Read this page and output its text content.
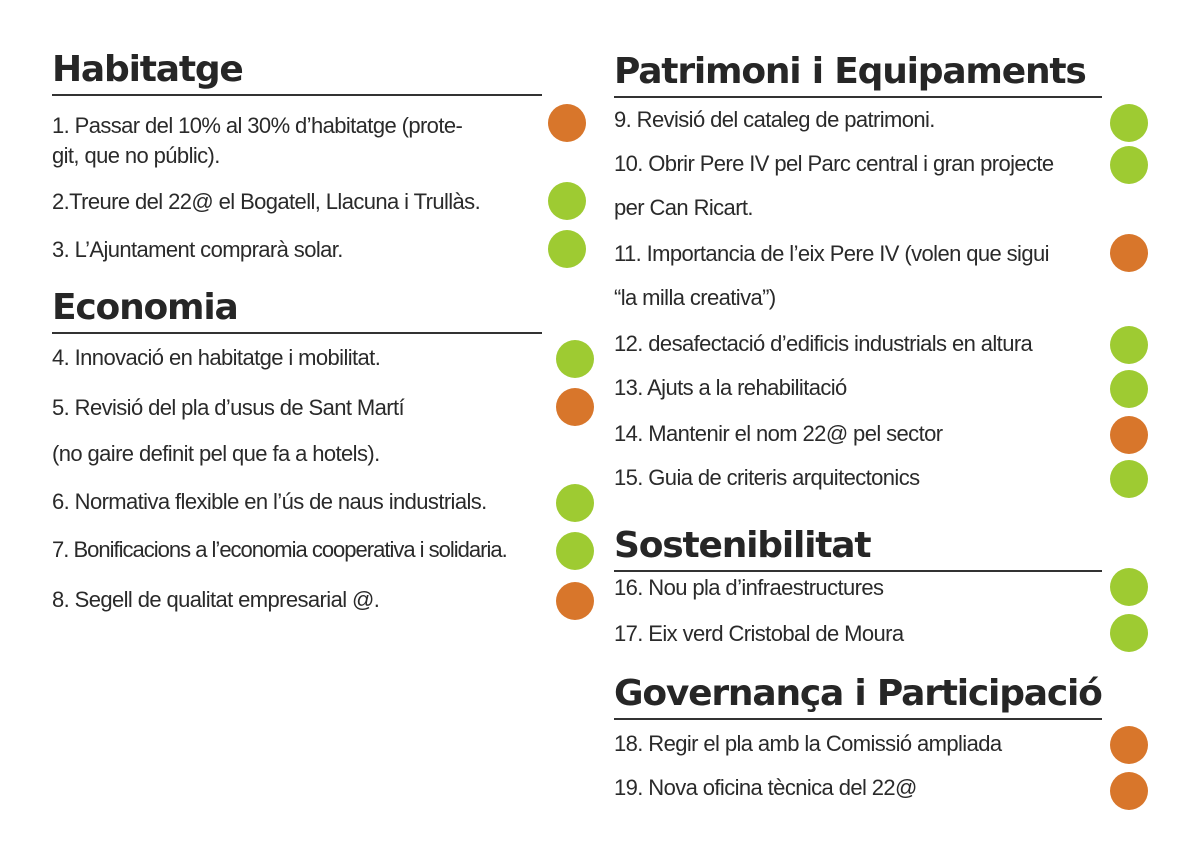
Habitatge
1. Passar del 10% al 30% d’habitatge (prote-
git, que no públic).
2.Treure del 22@ el Bogatell, Llacuna i Trullàs.
3. L’Ajuntament comprarà solar.
Economia
4. Innovació en habitatge i mobilitat.
5. Revisió del pla d’usus de Sant Martí
(no gaire definit pel que fa a hotels).
6. Normativa flexible en l’ús de naus industrials.
7. Bonificacions a l’economia cooperativa i solidaria.
8. Segell de qualitat empresarial @.
Patrimoni i Equipaments
9. Revisió del cataleg de patrimoni.
10. Obrir Pere IV pel Parc central i gran projecte
per Can Ricart.
11. Importancia de l’eix Pere IV (volen que sigui
“la milla creativa”)
12. desafectació d’edificis industrials en altura
13. Ajuts a la rehabilitació
14. Mantenir el nom 22@ pel sector
15. Guia de criteris arquitectonics
Sostenibilitat
16. Nou pla d’infraestructures
17. Eix verd Cristobal de Moura
Governança i Participació
18. Regir el pla amb la Comissió ampliada
19. Nova oficina tècnica del 22@
